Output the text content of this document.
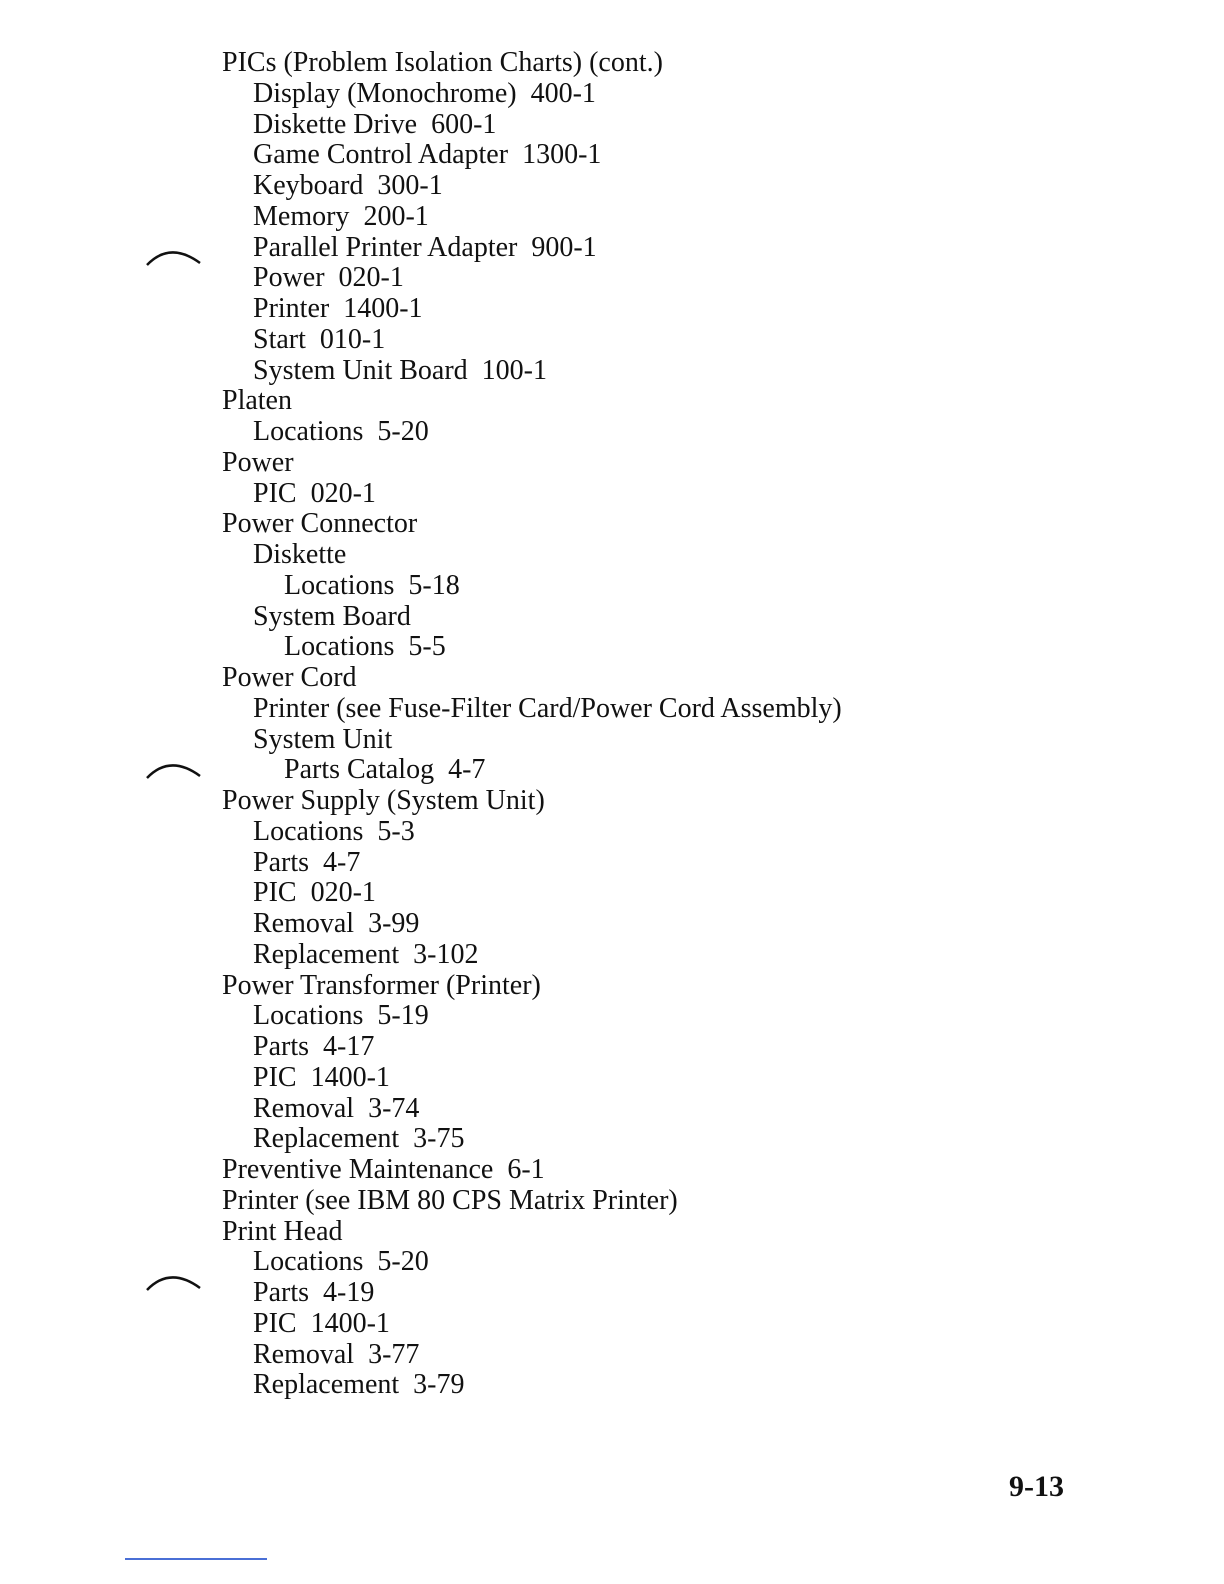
PICs (Problem Isolation Charts) (cont.)
Display (Monochrome) 400-1
Diskette Drive 600-1
Game Control Adapter 1300-1
Keyboard 300-1
Memory 200-1
Parallel Printer Adapter 900-1
Power 020-1
Printer 1400-1
Start 010-1
System Unit Board 100-1
Platen
Locations 5-20
Power
PIC 020-1
Power Connector
Diskette
Locations 5-18
System Board
Locations 5-5
Power Cord
Printer (see Fuse-Filter Card/Power Cord Assembly)
System Unit
Parts Catalog 4-7
Power Supply (System Unit)
Locations 5-3
Parts 4-7
PIC 020-1
Removal 3-99
Replacement 3-102
Power Transformer (Printer)
Locations 5-19
Parts 4-17
PIC 1400-1
Removal 3-74
Replacement 3-75
Preventive Maintenance 6-1
Printer (see IBM 80 CPS Matrix Printer)
Print Head
Locations 5-20
Parts 4-19
PIC 1400-1
Removal 3-77
Replacement 3-79
9-13
